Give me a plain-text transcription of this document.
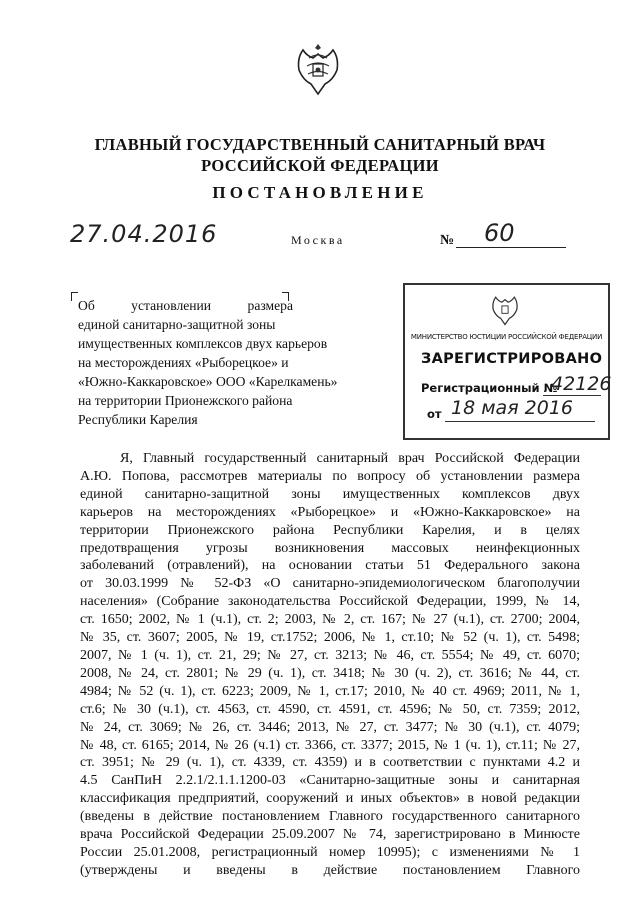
ГЛАВНЫЙ ГОСУДАРСТВЕННЫЙ САНИТАРНЫЙ ВРАЧ
РОССИЙСКОЙ ФЕДЕРАЦИИ
ПОСТАНОВЛЕНИЕ
27.04.2016	Москва	№ 60
Об	установлении	размера
единой санитарно-защитной зоны
имущественных комплексов двух карьеров
на месторождениях «Рыборецкое» и
«Южно-Каккаровское» ООО «Карелкамень»
на территории Прионежского района
Республики Карелия
МИНИСТЕРСТВО ЮСТИЦИИ РОССИЙСКОЙ ФЕДЕРАЦИИ
ЗАРЕГИСТРИРОВАНО
Регистрационный №
42126
от 18 мая 2016
Я, Главный государственный санитарный врач Российской Федерации
А.Ю. Попова, рассмотрев материалы по вопросу об установлении размера
единой санитарно-защитной зоны имущественных комплексов двух
карьеров на месторождениях «Рыборецкое» и «Южно-Каккаровское» на
территории Прионежского района Республики Карелия, и в целях
предотвращения угрозы возникновения массовых неинфекционных
заболеваний (отравлений), на основании статьи 51 Федерального закона
от 30.03.1999 № 52-ФЗ «О санитарно-эпидемиологическом благополучии
населения» (Собрание законодательства Российской Федерации, 1999, № 14,
ст. 1650; 2002, № 1 (ч.1), ст. 2; 2003, № 2, ст. 167; № 27 (ч.1), ст. 2700; 2004,
№ 35, ст. 3607; 2005, № 19, ст.1752; 2006, № 1, ст.10; № 52 (ч. 1), ст. 5498;
2007, № 1 (ч. 1), ст. 21, 29; № 27, ст. 3213; № 46, ст. 5554; № 49, ст. 6070;
2008, № 24, ст. 2801; № 29 (ч. 1), ст. 3418; № 30 (ч. 2), ст. 3616; № 44, ст.
4984; № 52 (ч. 1), ст. 6223; 2009, № 1, ст.17; 2010, № 40 ст. 4969; 2011, № 1,
ст.6; № 30 (ч.1), ст. 4563, ст. 4590, ст. 4591, ст. 4596; № 50, ст. 7359; 2012,
№ 24, ст. 3069; № 26, ст. 3446; 2013, № 27, ст. 3477; № 30 (ч.1), ст. 4079;
№ 48, ст. 6165; 2014, № 26 (ч.1) ст. 3366, ст. 3377; 2015, № 1 (ч. 1), ст.11; № 27,
ст. 3951; № 29 (ч. 1), ст. 4339, ст. 4359) и в соответствии с пунктами 4.2 и
4.5 СанПиН 2.2.1/2.1.1.1200-03 «Санитарно-защитные зоны и санитарная
классификация предприятий, сооружений и иных объектов» в новой редакции
(введены в действие постановлением Главного государственного санитарного
врача Российской Федерации 25.09.2007 № 74, зарегистрировано в Минюсте
России 25.01.2008, регистрационный номер 10995); с изменениями № 1
(утверждены и введены в действие постановлением Главного
